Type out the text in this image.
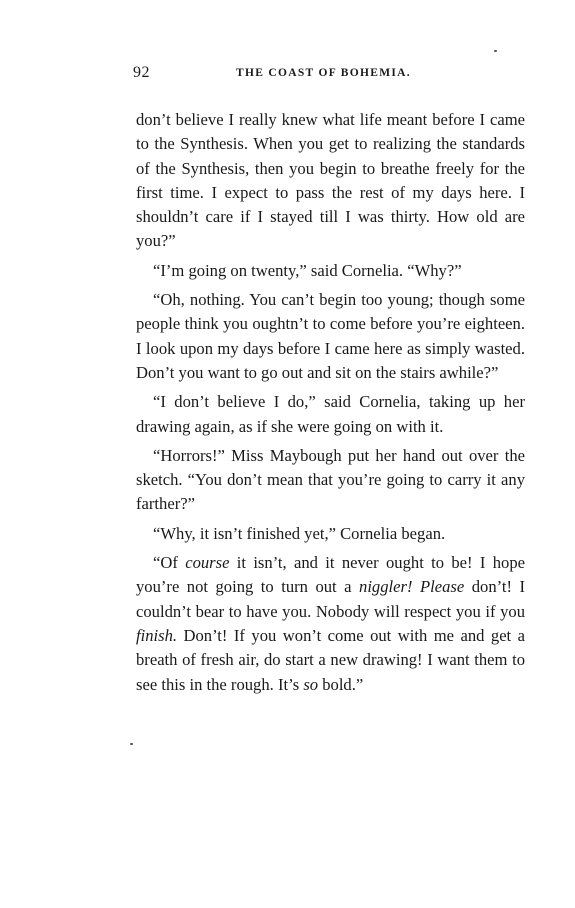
92	THE COAST OF BOHEMIA.

don’t believe I really knew what life meant before I came to the Synthesis. When you get to realizing the standards of the Synthesis, then you begin to breathe freely for the first time. I expect to pass the rest of my days here. I shouldn’t care if I stayed till I was thirty. How old are you?”

“I’m going on twenty,” said Cornelia. “Why?”

“Oh, nothing. You can’t begin too young; though some people think you oughtn’t to come before you’re eighteen. I look upon my days before I came here as simply wasted. Don’t you want to go out and sit on the stairs awhile?”

“I don’t believe I do,” said Cornelia, taking up her drawing again, as if she were going on with it.

“Horrors!” Miss Maybough put her hand out over the sketch. “You don’t mean that you’re going to carry it any farther?”

“Why, it isn’t finished yet,” Cornelia began.

“Of course it isn’t, and it never ought to be! I hope you’re not going to turn out a niggler! Please don’t! I couldn’t bear to have you. Nobody will respect you if you finish. Don’t! If you won’t come out with me and get a breath of fresh air, do start a new drawing! I want them to see this in the rough. It’s so bold.”
